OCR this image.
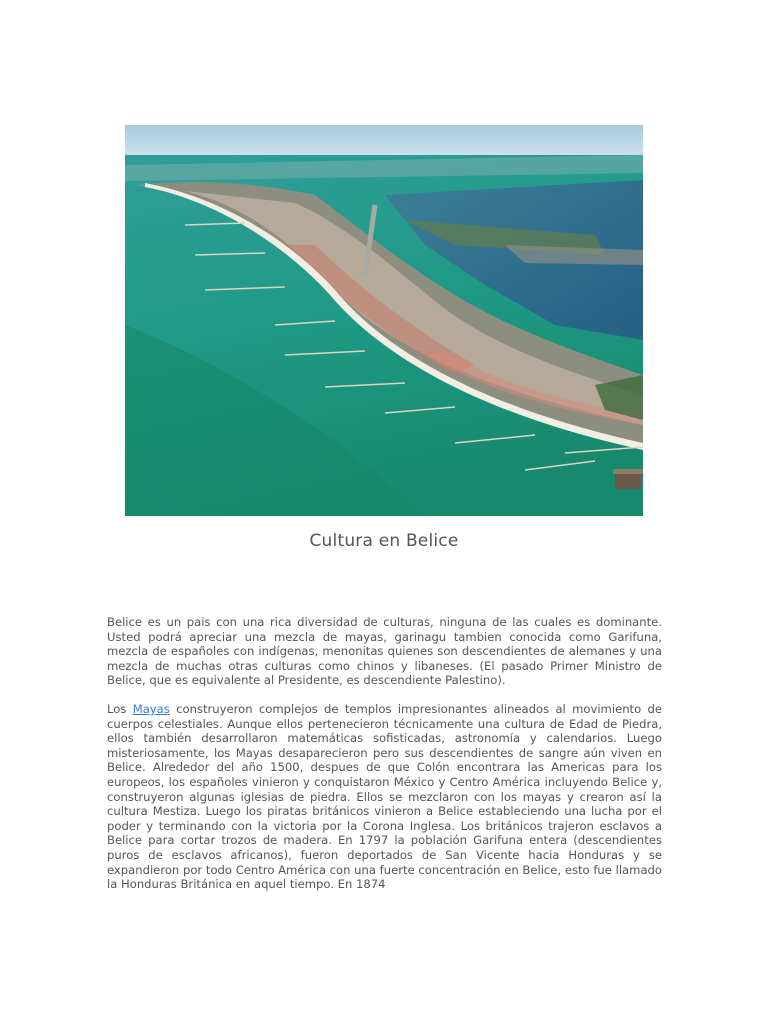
Cultura en Belice

Belice es un pais con una rica diversidad de culturas, ninguna de las cuales es dominante. Usted podrá apreciar una mezcla de mayas, garinagu tambien conocida como Garifuna, mezcla de españoles con indígenas, menonitas quienes son descendientes de alemanes y una mezcla de muchas otras culturas como chinos y libaneses. (El pasado Primer Ministro de Belice, que es equivalente al Presidente, es descendiente Palestino).

Los Mayas construyeron complejos de templos impresionantes alineados al movimiento de cuerpos celestiales. Aunque ellos pertenecieron técnicamente una cultura de Edad de Piedra, ellos también desarrollaron matemáticas sofisticadas, astronomía y calendarios. Luego misteriosamente, los Mayas desaparecieron pero sus descendientes de sangre aún viven en Belice. Alrededor del año 1500, despues de que Colón encontrara las Americas para los europeos, los españoles vinieron y conquistaron México y Centro América incluyendo Belice y, construyeron algunas iglesias de piedra. Ellos se mezclaron con los mayas y crearon así la cultura Mestiza. Luego los piratas británicos vinieron a Belice estableciendo una lucha por el poder y terminando con la victoria por la Corona Inglesa. Los británicos trajeron esclavos a Belice para cortar trozos de madera. En 1797 la población Garifuna entera (descendientes puros de esclavos africanos), fueron deportados de San Vicente hacia Honduras y se expandieron por todo Centro América con una fuerte concentración en Belice, esto fue llamado la Honduras Británica en aquel tiempo. En 1874
